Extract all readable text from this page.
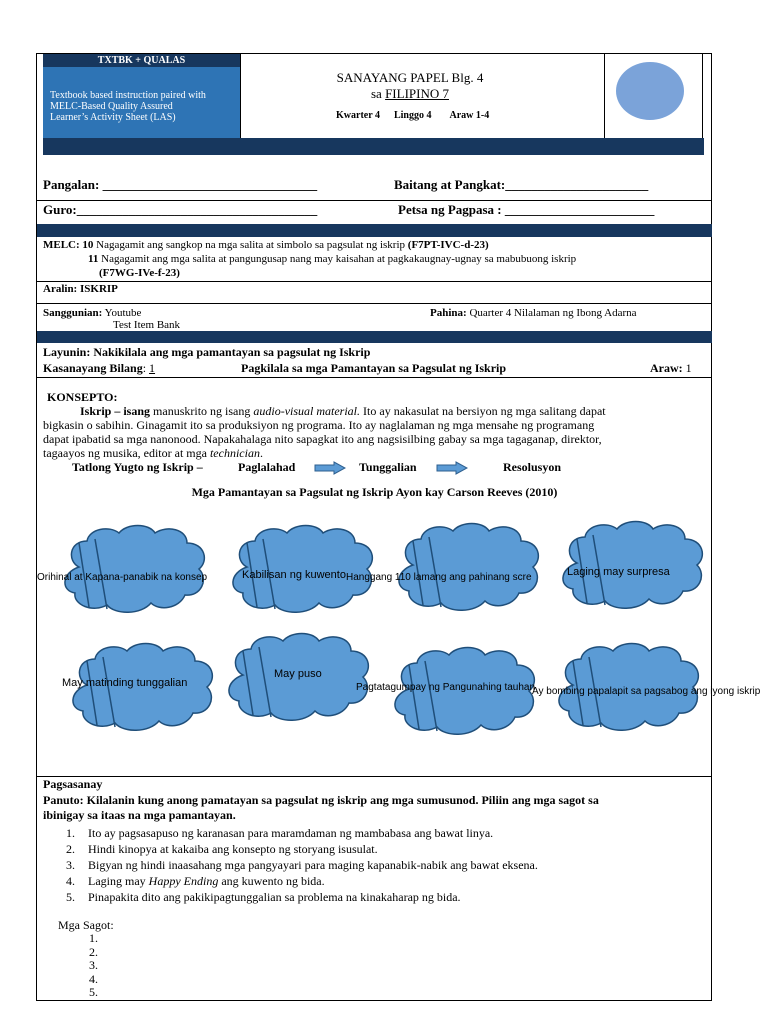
TXTBK + QUALAS
Textbook based instruction paired with
MELC-Based Quality Assured
Learner’s Activity Sheet (LAS)
SANAYANG PAPEL Blg. 4
sa FILIPINO 7
Kwarter 4 Linggo 4 Araw 1-4
Pangalan: _________________________________	Baitang at Pangkat:______________________
Guro:_____________________________________	Petsa ng Pagpasa : _______________________
MELC: 10 Nagagamit ang sangkop na mga salita at simbolo sa pagsulat ng iskrip (F7PT-IVC-d-23)
11 Nagagamit ang mga salita at pangungusap nang may kaisahan at pagkakaugnay-ugnay sa mabubuong iskrip
(F7WG-IVe-f-23)
Aralin: ISKRIP
Sanggunian: Youtube
Test Item Bank
Pahina: Quarter 4 Nilalaman ng Ibong Adarna
Layunin: Nakikilala ang mga pamantayan sa pagsulat ng Iskrip
Kasanayang Bilang: 1	Pagkilala sa mga Pamantayan sa Pagsulat ng Iskrip	Araw: 1
KONSEPTO:
Iskrip – isang manuskrito ng isang audio-visual material. Ito ay nakasulat na bersiyon ng mga salitang dapat
bigkasin o sabihin. Ginagamit ito sa produksiyon ng programa. Ito ay naglalaman ng mga mensahe ng programang
dapat ipabatid sa mga nanonood. Napakahalaga nito sapagkat ito ang nagsisilbing gabay sa mga tagaganap, direktor,
tagaayos ng musika, editor at mga technician.
Tatlong Yugto ng Iskrip –	Paglalahad	Tunggalian	Resolusyon
Mga Pamantayan sa Pagsulat ng Iskrip Ayon kay Carson Reeves (2010)
Orihinal at Kapana-panabik na konsep	Kabilisan ng kuwento Hanggang 110 lamang ang pahinang scre	Laging may surpresa
May matinding tunggalian
May puso
Pagtatagumpay ng Pangunahing tauhan
Ay bombing papalapit sa pagsabog ang iyong iskrip
Pagsasanay
Panuto: Kilalanin kung anong pamatayan sa pagsulat ng iskrip ang mga sumusunod. Piliin ang mga sagot sa
ibinigay sa itaas na mga pamantayan.
1. Ito ay pagsasapuso ng karanasan para maramdaman ng mambabasa ang bawat linya.
2. Hindi kinopya at kakaiba ang konsepto ng storyang isusulat.
3. Bigyan ng hindi inaasahang mga pangyayari para maging kapanabik-nabik ang bawat eksena.
4. Laging may Happy Ending ang kuwento ng bida.
5. Pinapakita dito ang pakikipagtunggalian sa problema na kinakaharap ng bida.
Mga Sagot:
1.
2.
3.
4.
5.
